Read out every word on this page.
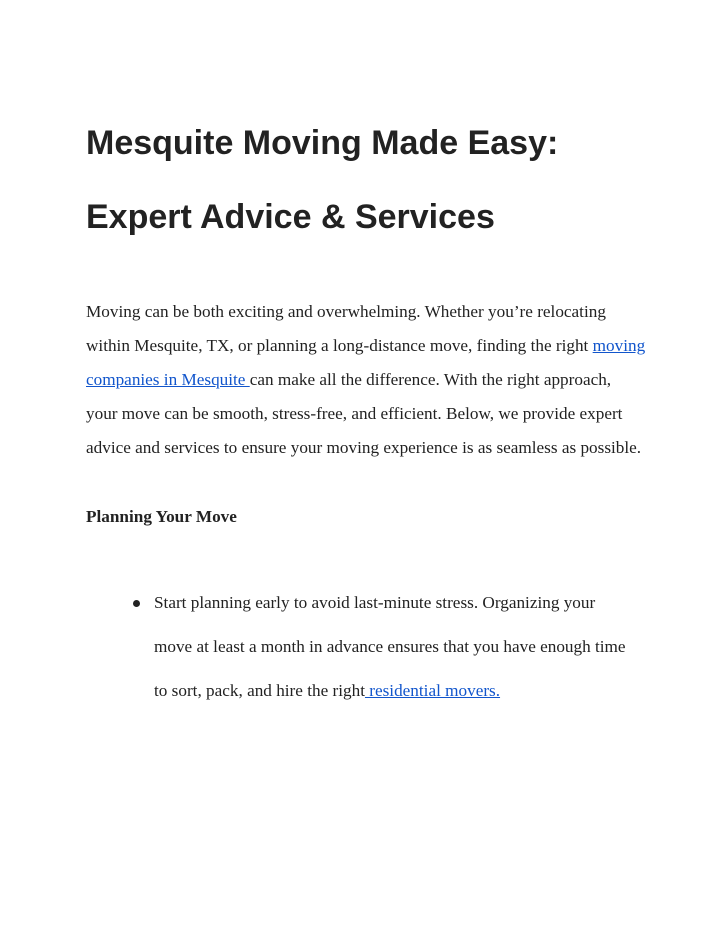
Mesquite Moving Made Easy:
Expert Advice & Services

Moving can be both exciting and overwhelming. Whether you’re relocating within Mesquite, TX, or planning a long-distance move, finding the right moving companies in Mesquite can make all the difference. With the right approach, your move can be smooth, stress-free, and efficient. Below, we provide expert advice and services to ensure your moving experience is as seamless as possible.

Planning Your Move
Start planning early to avoid last-minute stress. Organizing your move at least a month in advance ensures that you have enough time to sort, pack, and hire the right residential movers.
